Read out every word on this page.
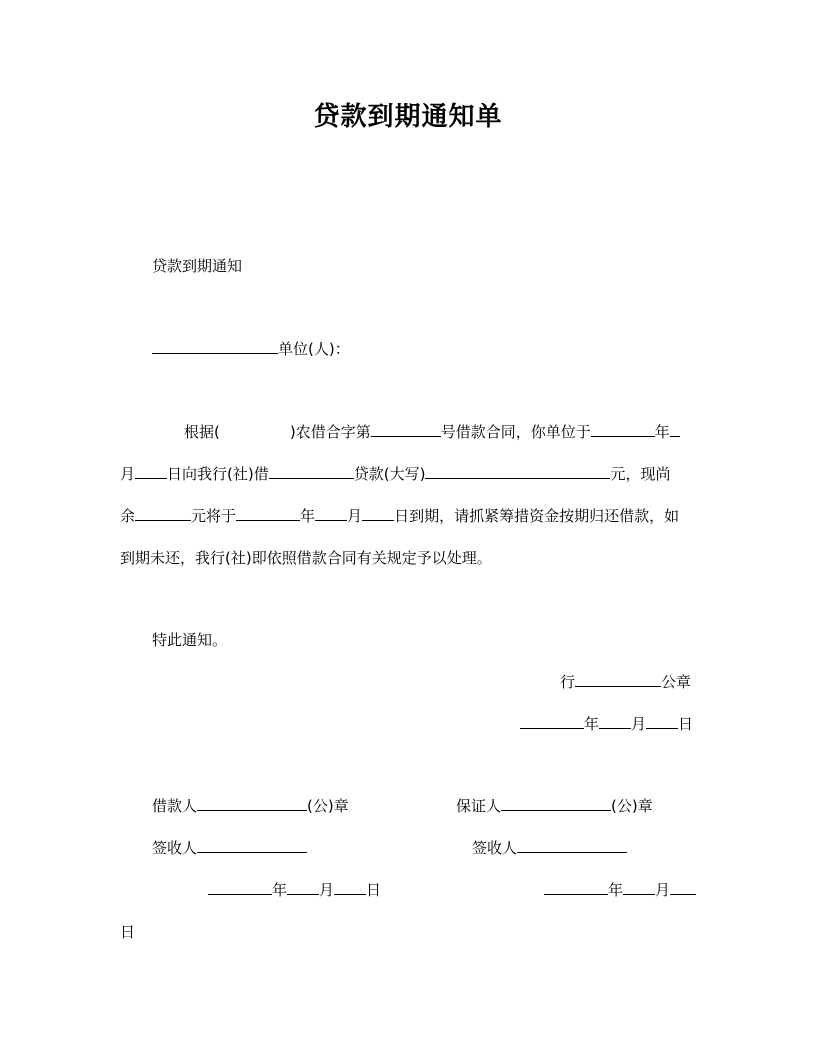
贷款到期通知单
贷款到期通知
单位(人)：
根据(	)农借合字第	号借款合同，你单位于	年
月 日向我行(社)借	贷款(大写)	元，现尚
余	元将于	年 月 日到期，请抓紧筹措资金按期归还借款，如
到期未还，我行(社)即依照借款合同有关规定予以处理。
特此通知。
行	公章
年 月 日
借款人	(公)章	保证人	(公)章
签收人	签收人
年 月 日	年 月
日
